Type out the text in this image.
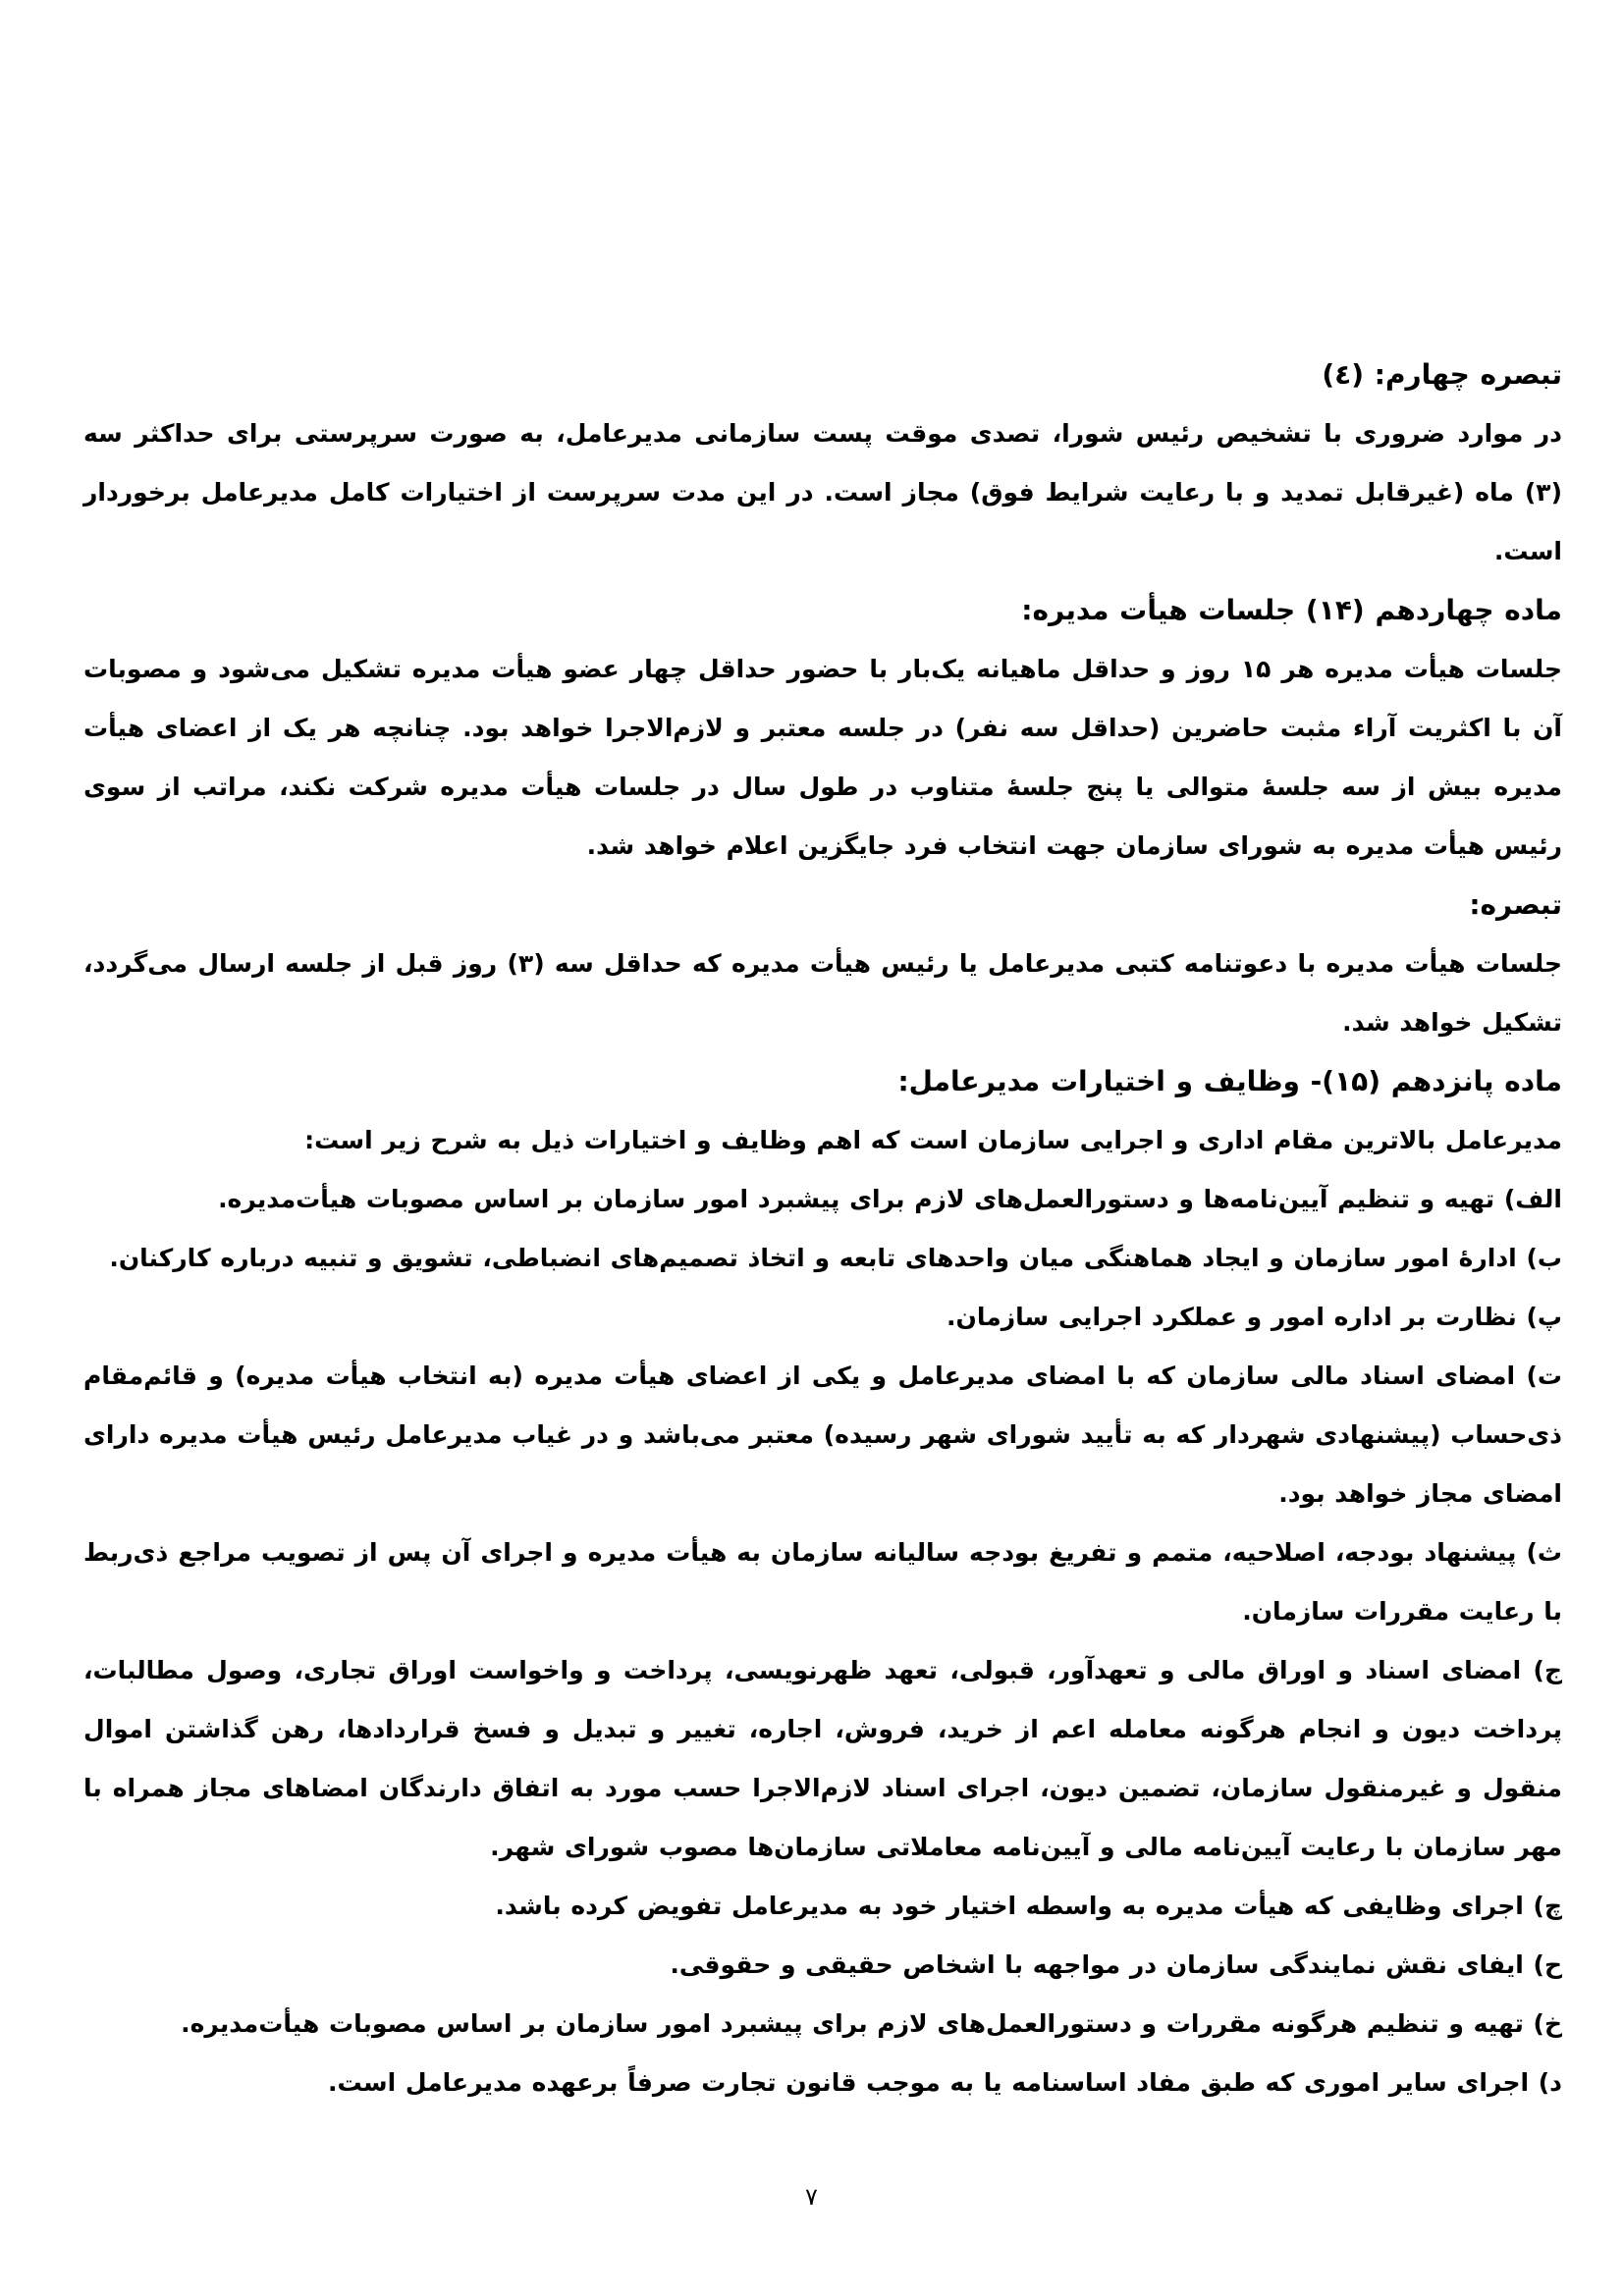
تبصره چهارم: (٤)

در موارد ضروری با تشخیص رئیس شورا، تصدی موقت پست سازمانی مدیرعامل، به صورت سرپرستی برای حداکثر سه (٣) ماه (غیرقابل تمدید و با رعایت شرایط فوق) مجاز است. در این مدت سرپرست از اختیارات کامل مدیرعامل برخوردار است.

ماده چهاردهم (۱۴) جلسات هیأت مدیره:

جلسات هیأت مدیره هر ۱۵ روز و حداقل ماهیانه یک‌بار با حضور حداقل چهار عضو هیأت مدیره تشکیل می‌شود و مصوبات آن با اکثریت آراء مثبت حاضرین (حداقل سه نفر) در جلسه معتبر و لازم‌الاجرا خواهد بود. چنانچه هر یک از اعضای هیأت مدیره بیش از سه جلسۀ متوالی یا پنج جلسۀ متناوب در طول سال در جلسات هیأت مدیره شرکت نکند، مراتب از سوی رئیس هیأت مدیره به شورای سازمان جهت انتخاب فرد جایگزین اعلام خواهد شد.

تبصره:

جلسات هیأت مدیره با دعوتنامه کتبی مدیرعامل یا رئیس هیأت مدیره که حداقل سه (٣) روز قبل از جلسه ارسال می‌گردد، تشکیل خواهد شد.

ماده پانزدهم (۱۵)- وظایف و اختیارات مدیرعامل:

مدیرعامل بالاترین مقام اداری و اجرایی سازمان است که اهم وظایف و اختیارات ذیل به شرح زیر است:

الف) تهیه و تنظیم آیین‌نامه‌ها و دستورالعمل‌های لازم برای پیشبرد امور سازمان بر اساس مصوبات هیأت‌مدیره.

ب) ادارۀ امور سازمان و ایجاد هماهنگی میان واحدهای تابعه و اتخاذ تصمیم‌های انضباطی، تشویق و تنبیه درباره کارکنان.

پ) نظارت بر اداره امور و عملکرد اجرایی سازمان.

ت) امضای اسناد مالی سازمان که با امضای مدیرعامل و یکی از اعضای هیأت مدیره (به انتخاب هیأت مدیره) و قائم‌مقام ذی‌حساب (پیشنهادی شهردار که به تأیید شورای شهر رسیده) معتبر می‌باشد و در غیاب مدیرعامل رئیس هیأت مدیره دارای امضای مجاز خواهد بود.

ث) پیشنهاد بودجه، اصلاحیه، متمم و تفریغ بودجه سالیانه سازمان به هیأت مدیره و اجرای آن پس از تصویب مراجع ذی‌ربط با رعایت مقررات سازمان.

ج) امضای اسناد و اوراق مالی و تعهدآور، قبولی، تعهد ظهرنویسی، پرداخت و واخواست اوراق تجاری، وصول مطالبات، پرداخت دیون و انجام هرگونه معامله اعم از خرید، فروش، اجاره، تغییر و تبدیل و فسخ قراردادها، رهن گذاشتن اموال منقول و غیرمنقول سازمان، تضمین دیون، اجرای اسناد لازم‌الاجرا حسب مورد به اتفاق دارندگان امضاهای مجاز همراه با مهر سازمان با رعایت آیین‌نامه مالی و آیین‌نامه معاملاتی سازمان‌ها مصوب شورای شهر.

چ) اجرای وظایفی که هیأت مدیره به واسطه اختیار خود به مدیرعامل تفویض کرده باشد.

ح) ایفای نقش نمایندگی سازمان در مواجهه با اشخاص حقیقی و حقوقی.

خ) تهیه و تنظیم هرگونه مقررات و دستورالعمل‌های لازم برای پیشبرد امور سازمان بر اساس مصوبات هیأت‌مدیره.

د) اجرای سایر اموری که طبق مفاد اساسنامه یا به موجب قانون تجارت صرفاً برعهده مدیرعامل است.

۷
